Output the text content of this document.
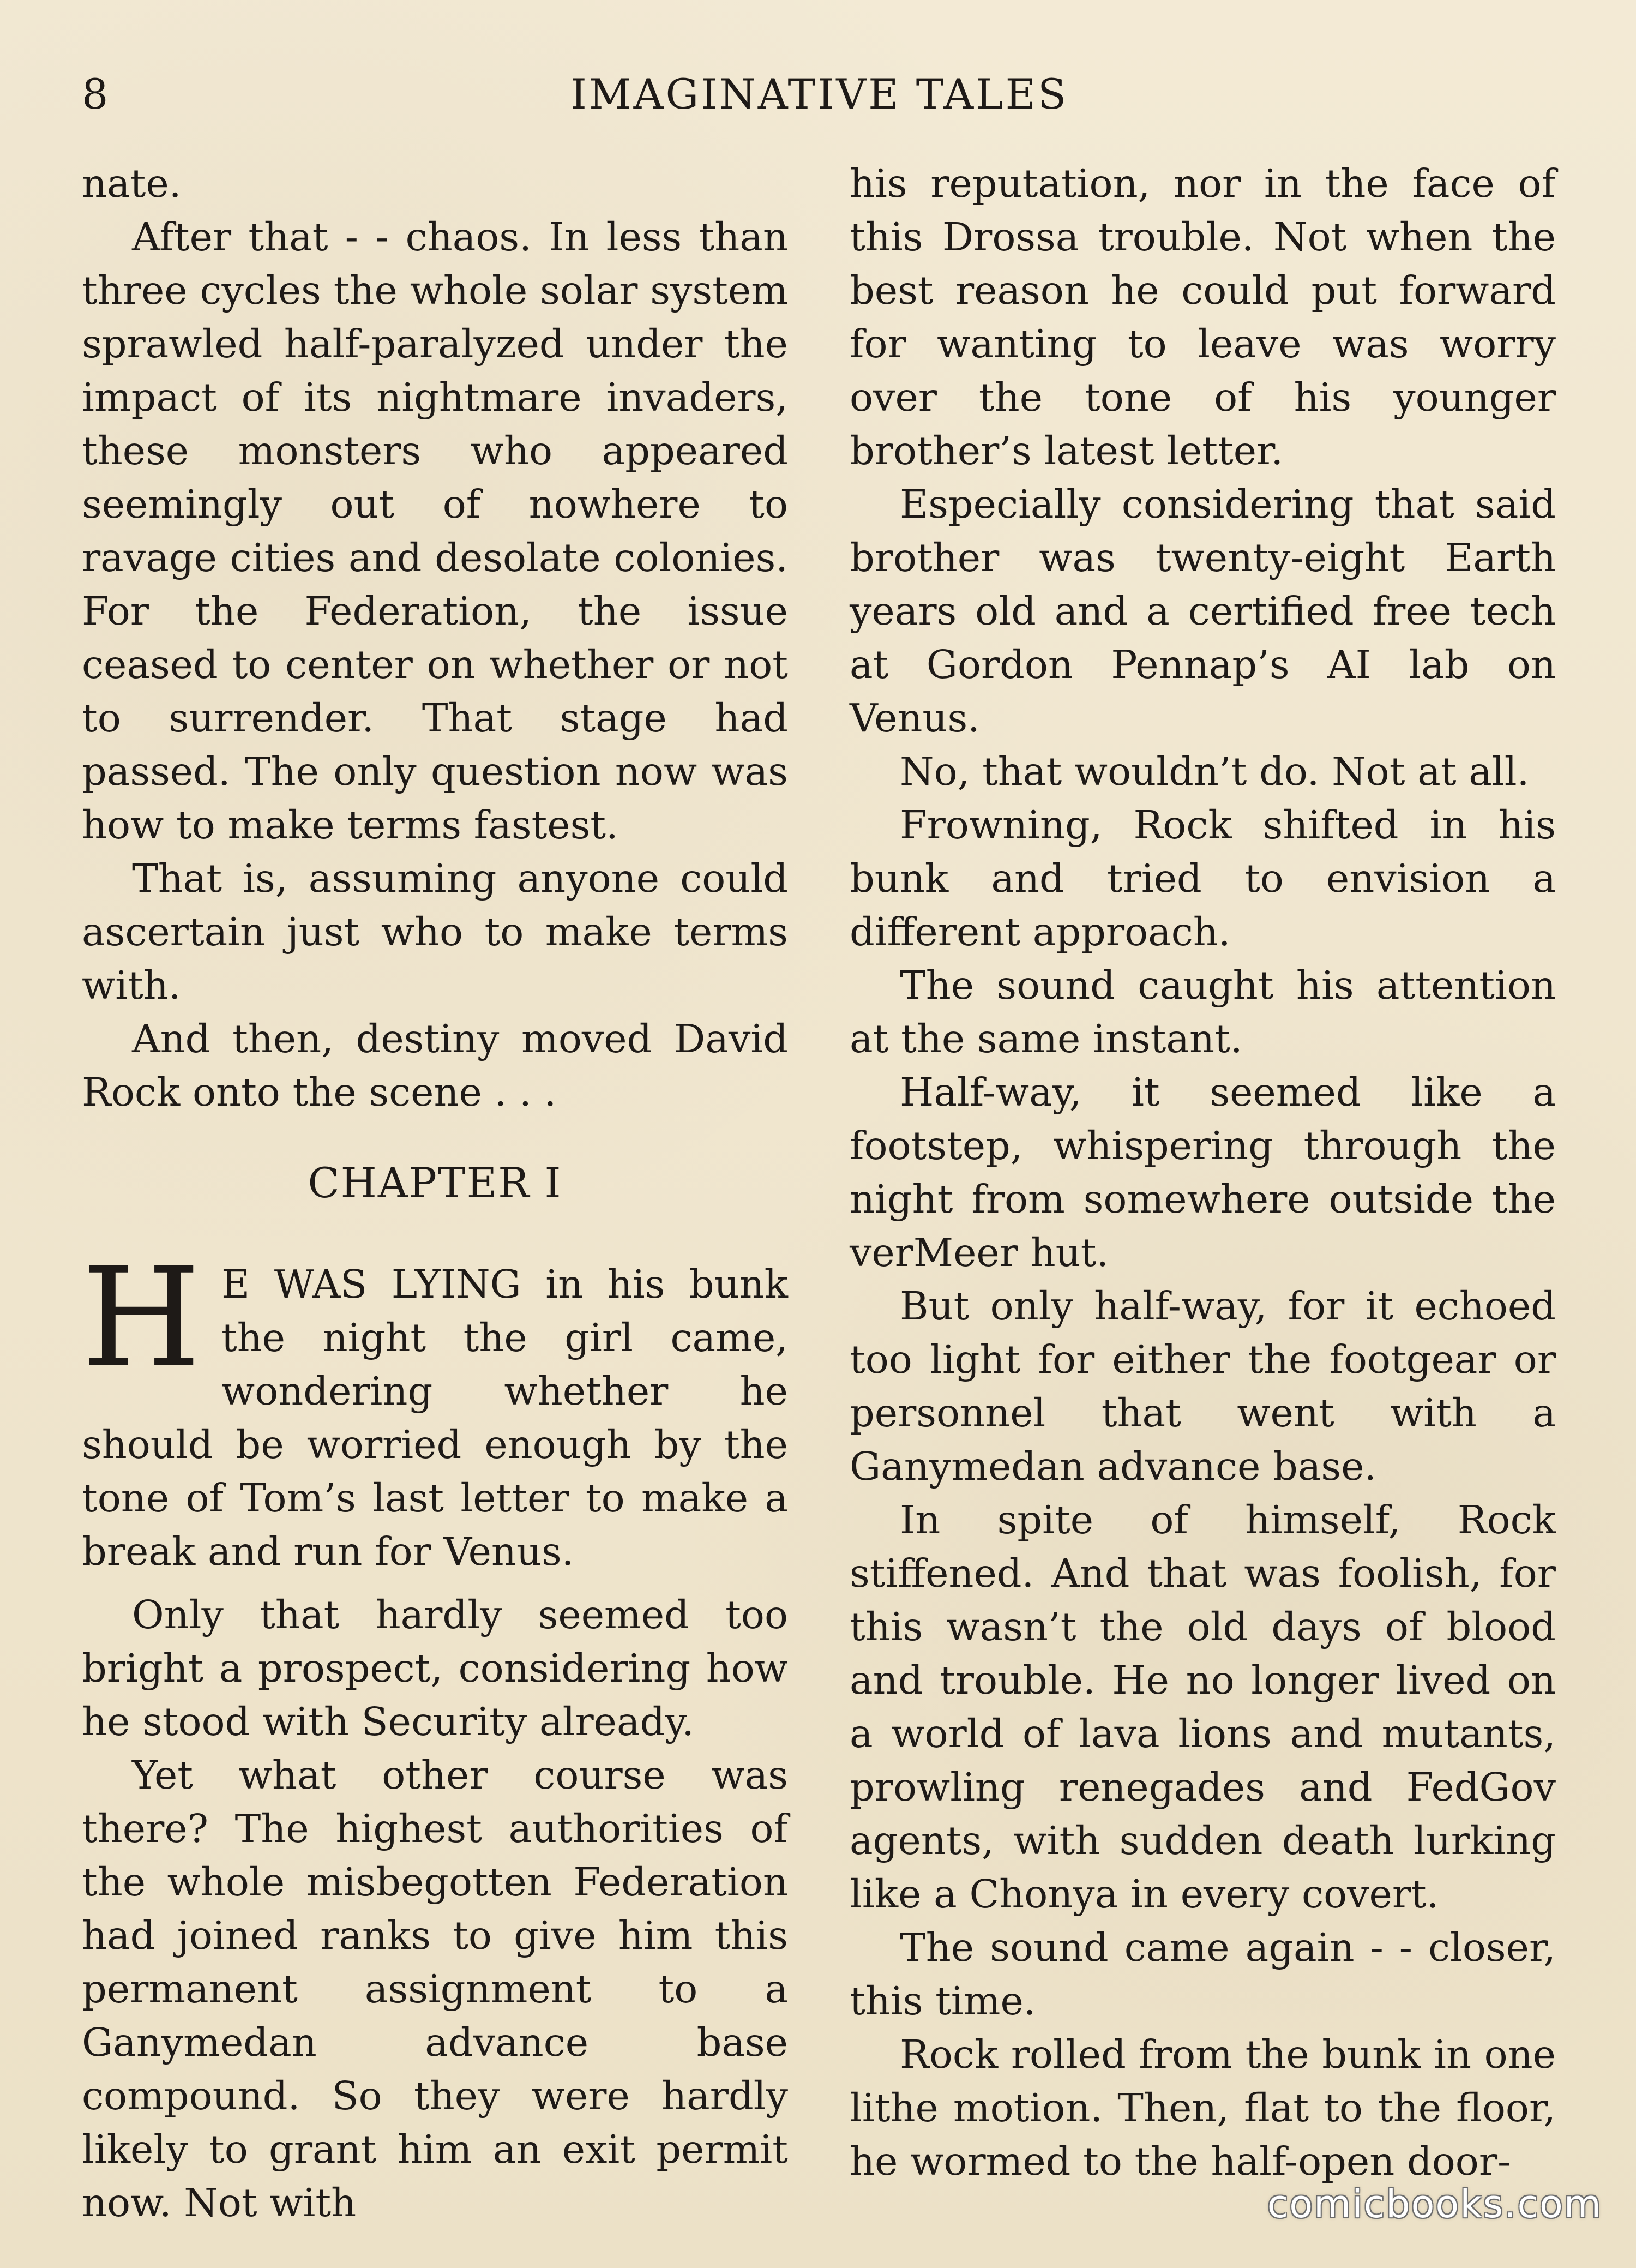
8	IMAGINATIVE TALES

nate.

After that - - chaos. In less than three cycles the whole solar system sprawled half-paralyzed under the impact of its nightmare invaders, these monsters who appeared seemingly out of nowhere to ravage cities and desolate colonies. For the Federation, the issue ceased to center on whether or not to surrender. That stage had passed. The only question now was how to make terms fastest.

That is, assuming anyone could ascertain just who to make terms with.

And then, destiny moved David Rock onto the scene . . .

CHAPTER I

H E WAS LYING in his bunk the night the girl came, wondering whether he should be worried enough by the tone of Tom’s last letter to make a break and run for Venus.

Only that hardly seemed too bright a prospect, considering how he stood with Security already.

Yet what other course was there? The highest authorities of the whole misbegotten Federation had joined ranks to give him this permanent assignment to a Ganymedan advance base compound. So they were hardly likely to grant him an exit permit now. Not with

his reputation, nor in the face of this Drossa trouble. Not when the best reason he could put forward for wanting to leave was worry over the tone of his younger brother’s latest letter.

Especially considering that said brother was twenty-eight Earth years old and a certified free tech at Gordon Pennap’s AI lab on Venus.

No, that wouldn’t do. Not at all.

Frowning, Rock shifted in his bunk and tried to envision a different approach.

The sound caught his attention at the same instant.

Half-way, it seemed like a footstep, whispering through the night from somewhere outside the verMeer hut.

But only half-way, for it echoed too light for either the footgear or personnel that went with a Ganymedan advance base.

In spite of himself, Rock stiffened. And that was foolish, for this wasn’t the old days of blood and trouble. He no longer lived on a world of lava lions and mutants, prowling renegades and FedGov agents, with sudden death lurking like a Chonya in every covert.

The sound came again - - closer, this time.

Rock rolled from the bunk in one lithe motion. Then, flat to the floor, he wormed to the half-open door-

comicbooks.com
